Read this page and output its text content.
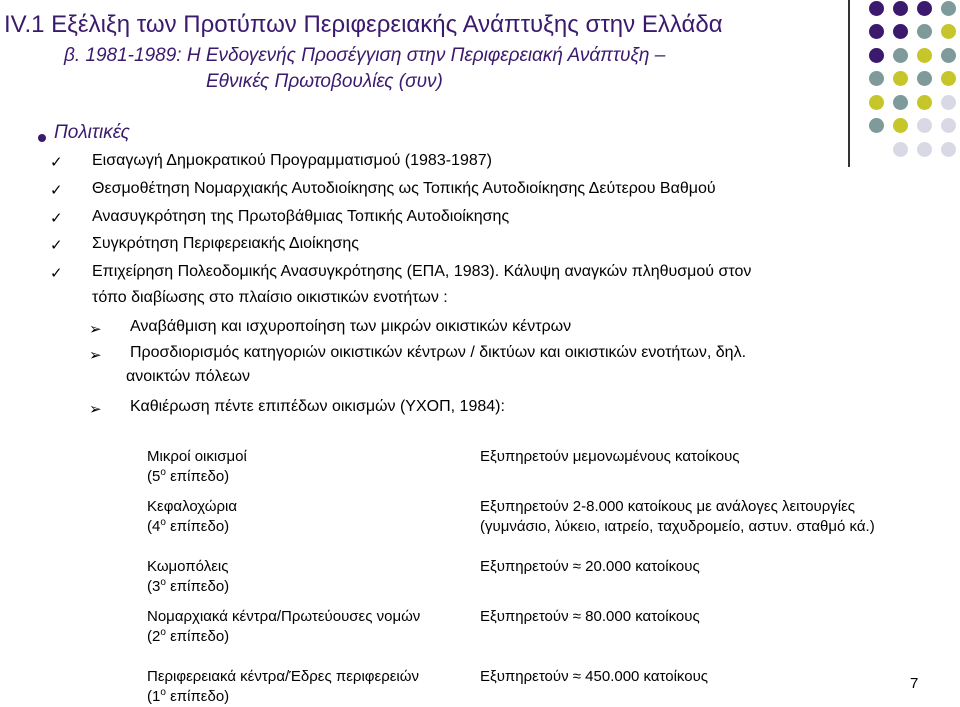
IV.1 Εξέλιξη των Προτύπων Περιφερειακής Ανάπτυξης στην Ελλάδα
β. 1981-1989: Η Ενδογενής Προσέγγιση στην Περιφερειακή Ανάπτυξη –
Εθνικές Πρωτοβουλίες (συν)
Πολιτικές
✓ Εισαγωγή Δημοκρατικού Προγραμματισμού (1983-1987)
✓ Θεσμοθέτηση Νομαρχιακής Αυτοδιοίκησης ως Τοπικής Αυτοδιοίκησης Δεύτερου Βαθμού
✓ Ανασυγκρότηση της Πρωτοβάθμιας Τοπικής Αυτοδιοίκησης
✓ Συγκρότηση Περιφερειακής Διοίκησης
✓ Επιχείρηση Πολεοδομικής Ανασυγκρότησης (ΕΠΑ, 1983). Κάλυψη αναγκών πληθυσμού στον
τόπο διαβίωσης στο πλαίσιο οικιστικών ενοτήτων :
➢ Αναβάθμιση και ισχυροποίηση των μικρών οικιστικών κέντρων
➢ Προσδιορισμός κατηγοριών οικιστικών κέντρων / δικτύων και οικιστικών ενοτήτων, δηλ.
ανοικτών πόλεων
➢ Καθιέρωση πέντε επιπέδων οικισμών (ΥΧΟΠ, 1984):
Μικροί οικισμοί
($5^o$ επίπεδο)
Εξυπηρετούν μεμονωμένους κατοίκους
Κεφαλοχώρια
($4^o$ επίπεδο)
Εξυπηρετούν 2-8.000 κατοίκους με ανάλογες λειτουργίες
(γυμνάσιο, λύκειο, ιατρείο, ταχυδρομείο, αστυν. σταθμό κά.)
Κωμοπόλεις
($3^o$ επίπεδο)
Εξυπηρετούν ≈ 20.000 κατοίκους
Νομαρχιακά κέντρα/Πρωτεύουσες νομών
($2^o$ επίπεδο)
Εξυπηρετούν ≈ 80.000 κατοίκους
Περιφερειακά κέντρα/Έδρες περιφερειών
($1^o$ επίπεδο)
Εξυπηρετούν ≈ 450.000 κατοίκους	7
